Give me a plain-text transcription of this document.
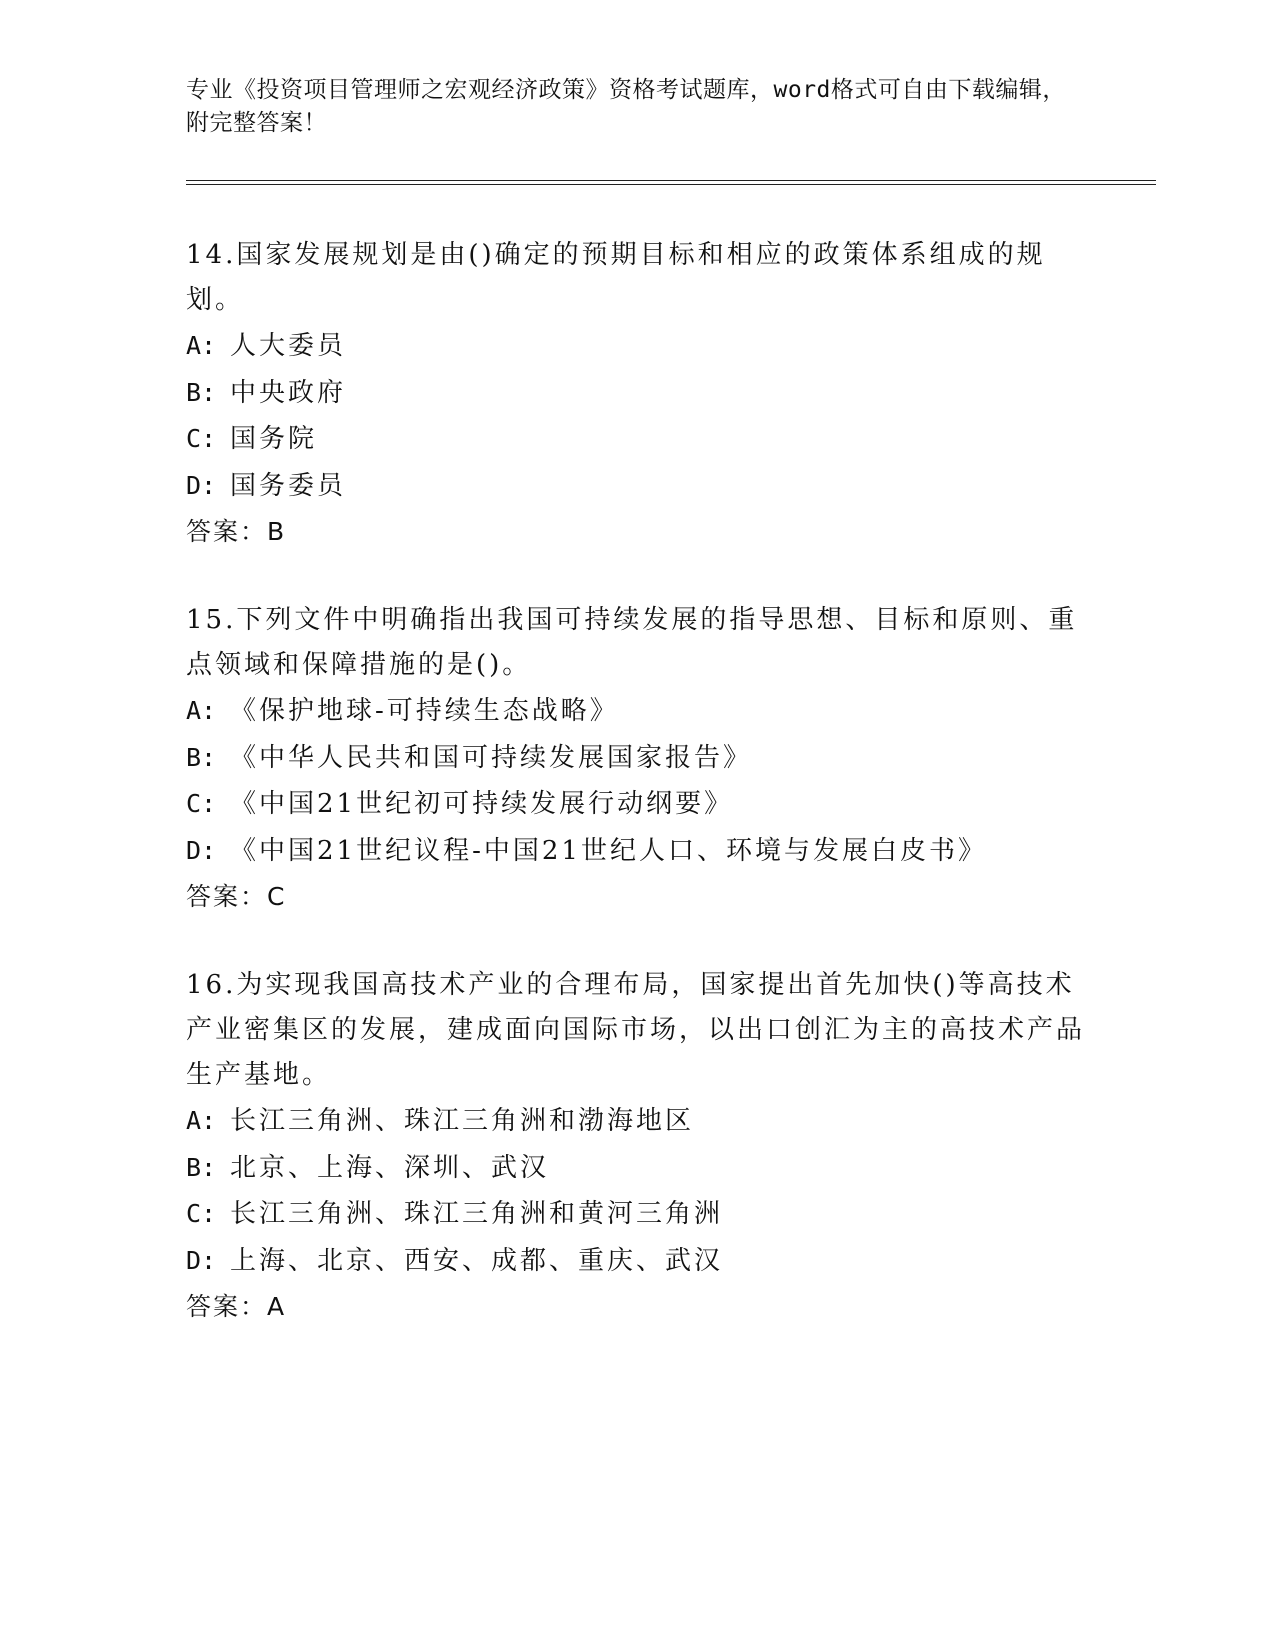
专业《投资项目管理师之宏观经济政策》资格考试题库，word格式可自由下载编辑，附完整答案！

14.国家发展规划是由()确定的预期目标和相应的政策体系组成的规划。

A: 人大委员
B: 中央政府
C: 国务院
D: 国务委员

答案：B

15.下列文件中明确指出我国可持续发展的指导思想、目标和原则、重点领域和保障措施的是()。

A: 《保护地球-可持续生态战略》
B: 《中华人民共和国可持续发展国家报告》
C: 《中国21世纪初可持续发展行动纲要》
D: 《中国21世纪议程-中国21世纪人口、环境与发展白皮书》

答案：C

16.为实现我国高技术产业的合理布局，国家提出首先加快()等高技术产业密集区的发展，建成面向国际市场，以出口创汇为主的高技术产品生产基地。

A: 长江三角洲、珠江三角洲和渤海地区
B: 北京、上海、深圳、武汉
C: 长江三角洲、珠江三角洲和黄河三角洲
D: 上海、北京、西安、成都、重庆、武汉

答案：A
